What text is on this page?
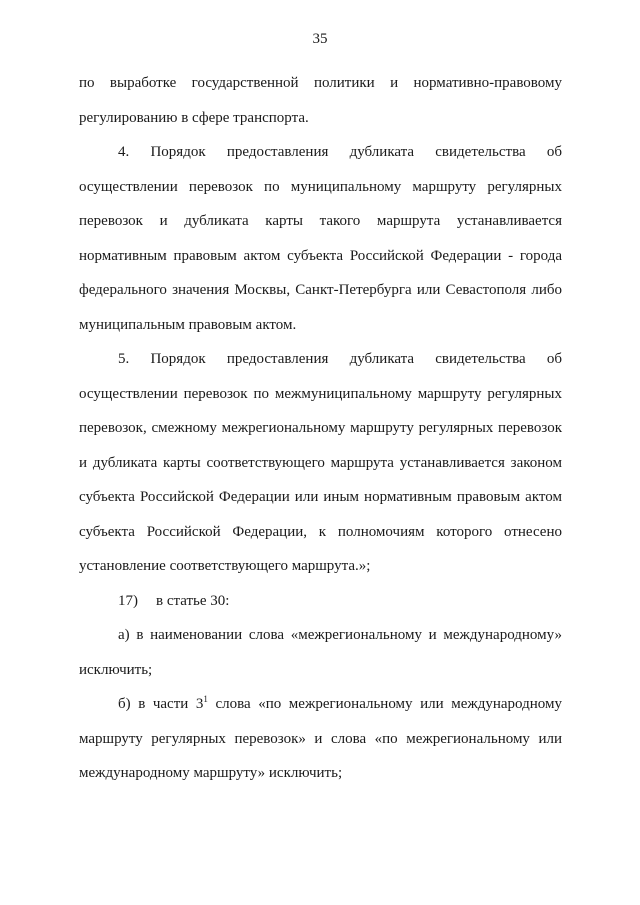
35

по выработке государственной политики и нормативно-правовому регулированию в сфере транспорта.

4. Порядок предоставления дубликата свидетельства об осуществлении перевозок по муниципальному маршруту регулярных перевозок и дубликата карты такого маршрута устанавливается нормативным правовым актом субъекта Российской Федерации - города федерального значения Москвы, Санкт-Петербурга или Севастополя либо муниципальным правовым актом.

5. Порядок предоставления дубликата свидетельства об осуществлении перевозок по межмуниципальному маршруту регулярных перевозок, смежному межрегиональному маршруту регулярных перевозок и дубликата карты соответствующего маршрута устанавливается законом субъекта Российской Федерации или иным нормативным правовым актом субъекта Российской Федерации, к полномочиям которого отнесено установление соответствующего маршрута.»;

17) в статье 30:

а) в наименовании слова «межрегиональному и международному» исключить;

б) в части $3^1$ слова «по межрегиональному или международному маршруту регулярных перевозок» и слова «по межрегиональному или международному маршруту» исключить;
